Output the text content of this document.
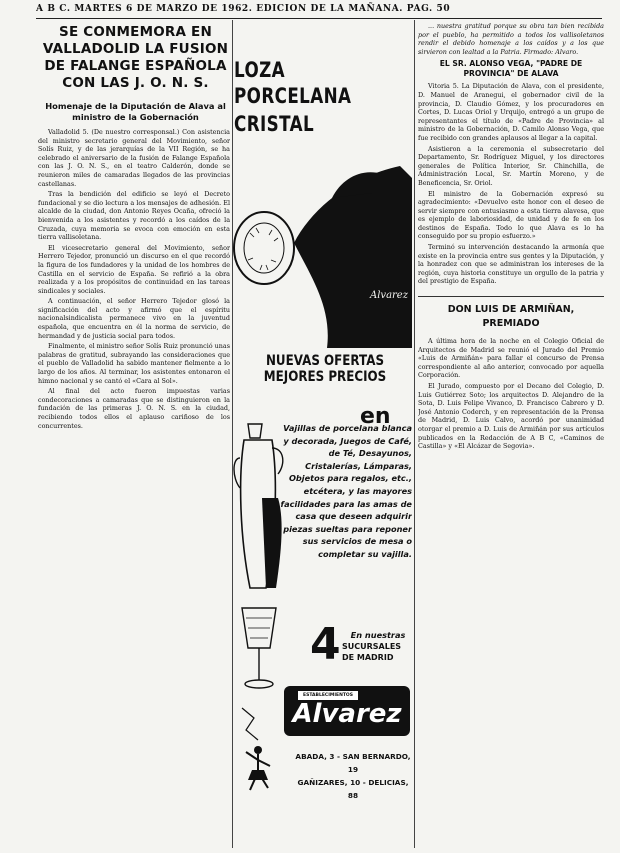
A B C. MARTES 6 DE MARZO DE 1962. EDICION DE LA MAÑANA. PAG. 50
SE CONMEMORA EN VALLADOLID LA FUSION DE FALANGE ESPAÑOLA CON LAS J. O. N. S.
Homenaje de la Diputación de Alava al ministro de la Gobernación

Valladolid 5. (De nuestro corresponsal.) Con asistencia del ministro secretario general del Movimiento, señor Solís Ruiz, y de las jerarquías de la VII Región, se ha celebrado el aniversario de la fusión de Falange Española con las J. O. N. S., en el teatro Calderón, donde se reunieron miles de camaradas llegados de las provincias castellanas.

Tras la bendición del edificio se leyó el Decreto fundacional y se dio lectura a los mensajes de adhesión. El alcalde de la ciudad, don Antonio Reyes Ocaña, ofreció la bienvenida a los asistentes y recordó a los caídos de la Cruzada, cuya memoria se evoca con emoción en esta tierra vallisoletana.

El vicesecretario general del Movimiento, señor Herrero Tejedor, pronunció un discurso en el que recordó la figura de los fundadores y la unidad de los hombres de Castilla en el servicio de España. Se refirió a la obra realizada y a los propósitos de continuidad en las tareas sindicales y sociales.

A continuación, el señor Herrero Tejedor glosó la significación del acto y afirmó que el espíritu nacionalsindicalista permanece vivo en la juventud española, que encuentra en él la norma de servicio, de hermandad y de justicia social para todos.

Finalmente, el ministro señor Solís Ruiz pronunció unas palabras de gratitud, subrayando las consideraciones que el pueblo de Valladolid ha sabido mantener fielmente a lo largo de los años. Al terminar, los asistentes entonaron el himno nacional y se cantó el «Cara al Sol».

Al final del acto fueron impuestas varias condecoraciones a camaradas que se distinguieron en la fundación de las primeras J. O. N. S. en la ciudad, recibiendo todos ellos el aplauso cariñoso de los concurrentes.

LOZA
PORCELANA
CRISTAL
Alvarez
NUEVAS OFERTAS
MEJORES PRECIOS
en
Vajillas de porcelana blanca y decorada, Juegos de Café, de Té, Desayunos, Cristalerías, Lámparas, Objetos para regalos, etc., etcétera, y las mayores facilidades para las amas de casa que deseen adquirir piezas sueltas para reponer sus servicios de mesa o completar su vajilla.
En nuestras
SUCURSALES DE MADRID
4
ESTABLECIMIENTOS
Alvarez
ABADA, 3 - SAN BERNARDO, 19
GAÑIZARES, 10 - DELICIAS, 88

... nuestra gratitud porque su obra tan bien recibida por el pueblo, ha permitido a todos los vallisoletanos rendir el debido homenaje a los caídos y a los que sirvieron con lealtad a la Patria. Firmado: Alvaro.

EL SR. ALONSO VEGA, "PADRE DE PROVINCIA" DE ALAVA

Vitoria 5. La Diputación de Alava, con el presidente, D. Manuel de Aranegui, el gobernador civil de la provincia, D. Claudio Gómez, y los procuradores en Cortes, D. Lucas Oriol y Urquijo, entregó a un grupo de representantes el título de «Padre de Provincia» al ministro de la Gobernación, D. Camilo Alonso Vega, que fue recibido con grandes aplausos al llegar a la capital.

Asistieron a la ceremonia el subsecretario del Departamento, Sr. Rodríguez Miguel, y los directores generales de Política Interior, Sr. Chinchilla, de Administración Local, Sr. Martín Moreno, y de Beneficencia, Sr. Oriol.

El ministro de la Gobernación expresó su agradecimiento: «Devuelvo este honor con el deseo de servir siempre con entusiasmo a esta tierra alavesa, que es ejemplo de laboriosidad, de unidad y de fe en los destinos de España. Todo lo que Alava es lo ha conseguido por su propio esfuerzo.»

Terminó su intervención destacando la armonía que existe en la provincia entre sus gentes y la Diputación, y la honradez con que se administran los intereses de la región, cuya historia constituye un orgullo de la patria y del prestigio de España.

DON LUIS DE ARMIÑAN, PREMIADO

A última hora de la noche en el Colegio Oficial de Arquitectos de Madrid se reunió el Jurado del Premio «Luis de Armiñán» para fallar el concurso de Prensa correspondiente al año anterior, convocado por aquella Corporación.

El Jurado, compuesto por el Decano del Colegio, D. Luis Gutiérrez Soto; los arquitectos D. Alejandro de la Sota, D. Luis Felipe Vivanco, D. Francisco Cabrero y D. José Antonio Coderch, y en representación de la Prensa de Madrid, D. Luis Calvo, acordó por unanimidad otorgar el premio a D. Luis de Armiñán por sus artículos publicados en la Redacción de A B C, «Caminos de Castilla» y «El Alcázar de Segovia».
